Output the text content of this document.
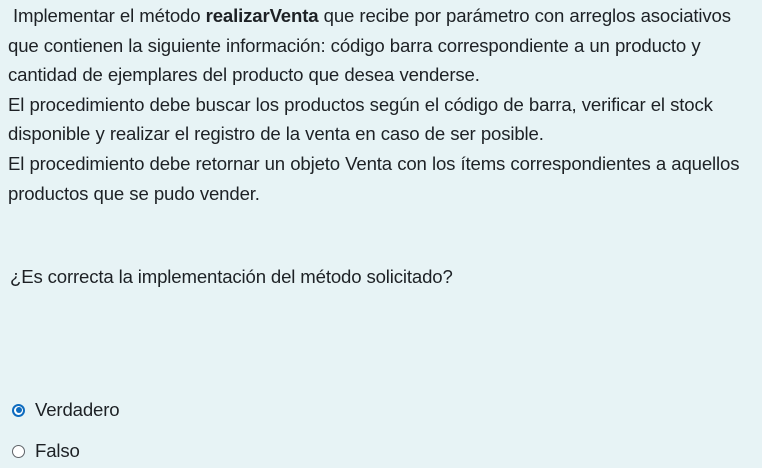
Implementar el método realizarVenta que recibe por parámetro con arreglos asociativos que contienen la siguiente información: código barra correspondiente a un producto y cantidad de ejemplares del producto que desea venderse.

El procedimiento debe buscar los productos según el código de barra, verificar el stock disponible y realizar el registro de la venta en caso de ser posible.

El procedimiento debe retornar un objeto Venta con los ítems correspondientes a aquellos productos que se pudo vender.

¿Es correcta la implementación del método solicitado?

Verdadero
Falso
